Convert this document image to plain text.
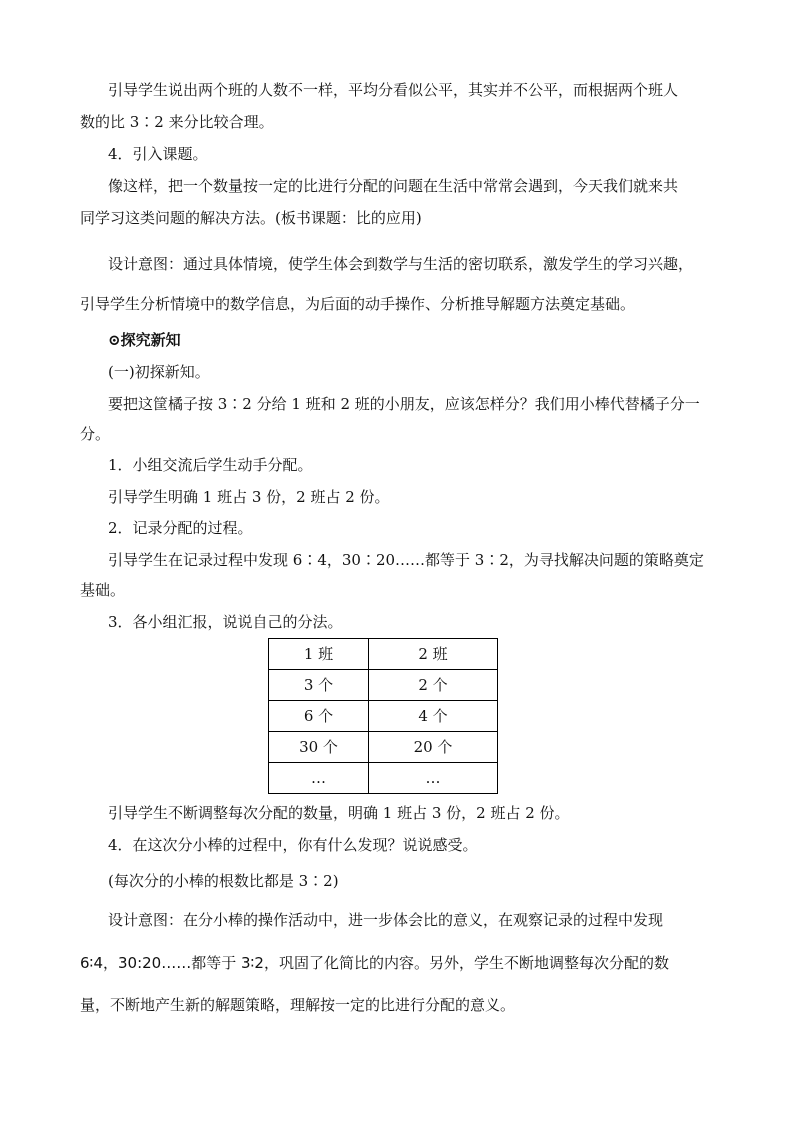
引导学生说出两个班的人数不一样，平均分看似公平，其实并不公平，而根据两个班人
数的比 3∶2 来分比较合理。
4．引入课题。
像这样，把一个数量按一定的比进行分配的问题在生活中常常会遇到，今天我们就来共
同学习这类问题的解决方法。(板书课题：比的应用)
设计意图：通过具体情境，使学生体会到数学与生活的密切联系，激发学生的学习兴趣，
引导学生分析情境中的数学信息，为后面的动手操作、分析推导解题方法奠定基础。
⊙探究新知
(一)初探新知。
要把这筐橘子按 3∶2 分给 1 班和 2 班的小朋友，应该怎样分？我们用小棒代替橘子分一
分。
1．小组交流后学生动手分配。
引导学生明确 1 班占 3 份，2 班占 2 份。
2．记录分配的过程。
引导学生在记录过程中发现 6∶4，30∶20……都等于 3∶2，为寻找解决问题的策略奠定
基础。
3．各小组汇报，说说自己的分法。
1 班	2 班
3 个	2 个
6 个	4 个
30 个	20 个
…	…
引导学生不断调整每次分配的数量，明确 1 班占 3 份，2 班占 2 份。
4．在这次分小棒的过程中，你有什么发现？说说感受。
(每次分的小棒的根数比都是 3∶2)
设计意图：在分小棒的操作活动中，进一步体会比的意义，在观察记录的过程中发现
6∶4，30:20……都等于 3∶2，巩固了化简比的内容。另外，学生不断地调整每次分配的数
量，不断地产生新的解题策略，理解按一定的比进行分配的意义。
